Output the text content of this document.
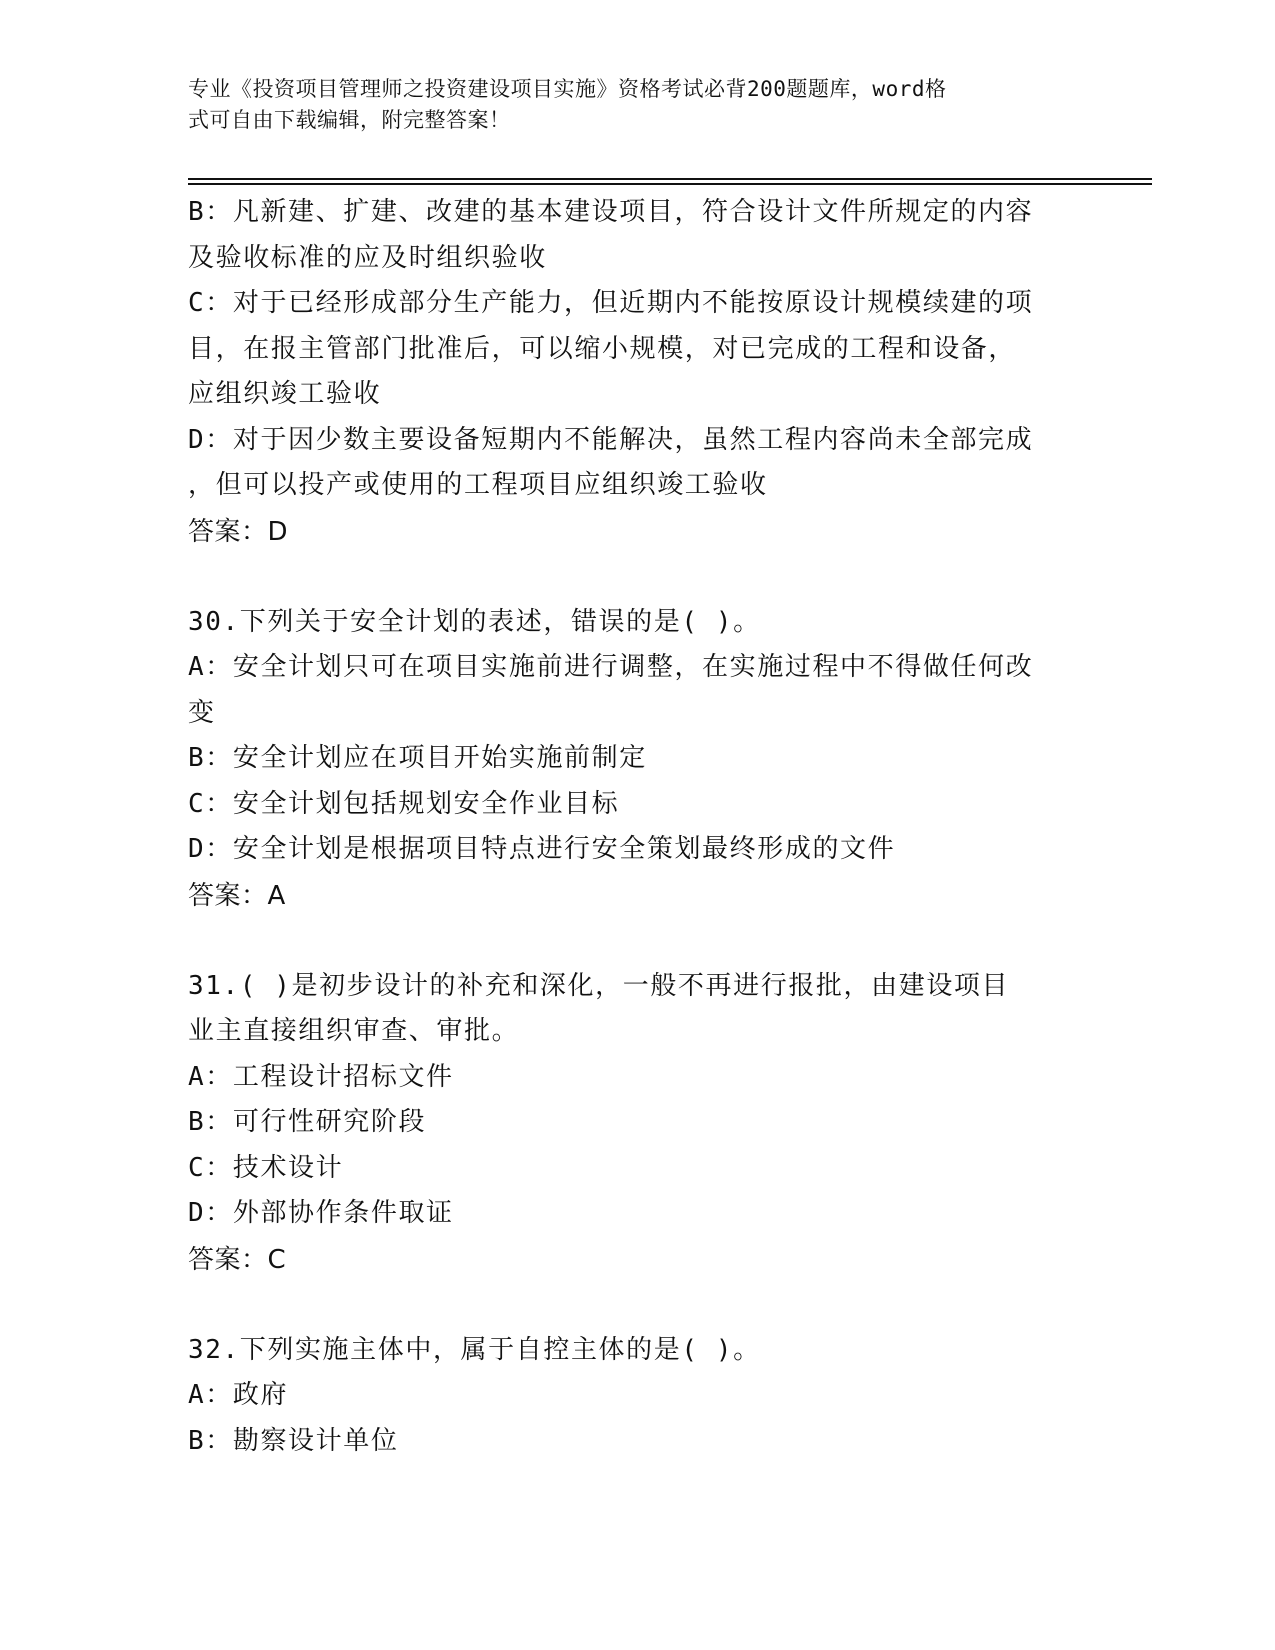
专业《投资项目管理师之投资建设项目实施》资格考试必背200题题库，word格
式可自由下载编辑，附完整答案！
B：凡新建、扩建、改建的基本建设项目，符合设计文件所规定的内容
及验收标准的应及时组织验收
C：对于已经形成部分生产能力，但近期内不能按原设计规模续建的项
目，在报主管部门批准后，可以缩小规模，对已完成的工程和设备，
应组织竣工验收
D：对于因少数主要设备短期内不能解决，虽然工程内容尚未全部完成
，但可以投产或使用的工程项目应组织竣工验收
答案：D
30.下列关于安全计划的表述，错误的是( )。
A：安全计划只可在项目实施前进行调整，在实施过程中不得做任何改
变
B：安全计划应在项目开始实施前制定
C：安全计划包括规划安全作业目标
D：安全计划是根据项目特点进行安全策划最终形成的文件
答案：A
31.( )是初步设计的补充和深化，一般不再进行报批，由建设项目
业主直接组织审查、审批。
A：工程设计招标文件
B：可行性研究阶段
C：技术设计
D：外部协作条件取证
答案：C
32.下列实施主体中，属于自控主体的是( )。
A：政府
B：勘察设计单位
